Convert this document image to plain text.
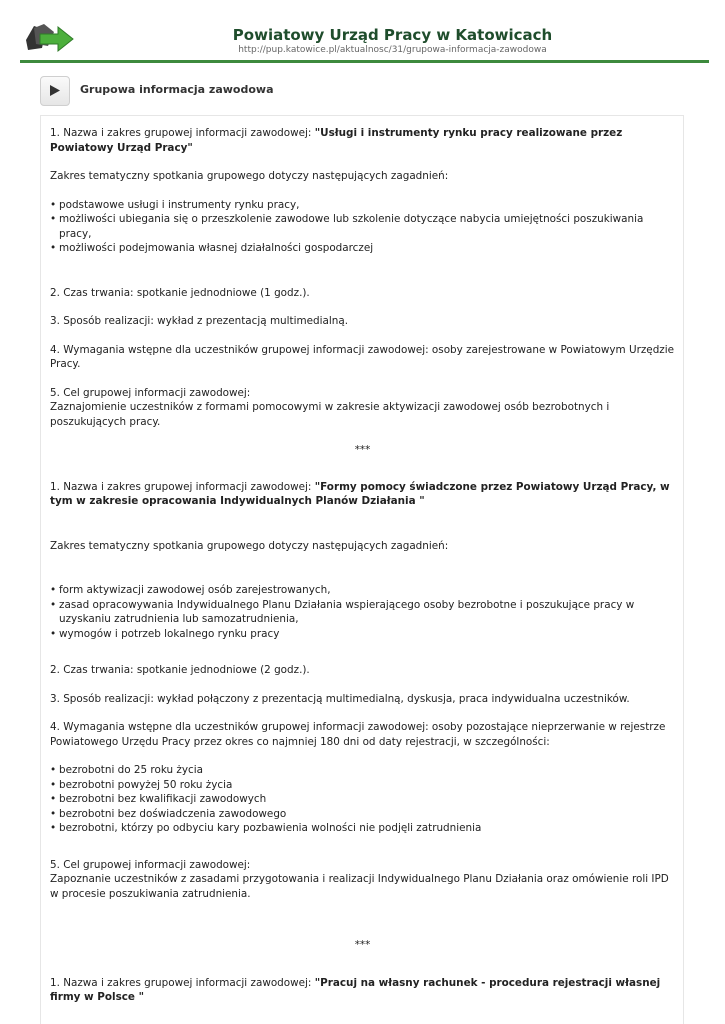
Powiatowy Urząd Pracy w Katowicach
http://pup.katowice.pl/aktualnosc/31/grupowa-informacja-zawodowa
Grupowa informacja zawodowa

1. Nazwa i zakres grupowej informacji zawodowej: "Usługi i instrumenty rynku pracy realizowane przez Powiatowy Urząd Pracy"

Zakres tematyczny spotkania grupowego dotyczy następujących zagadnień:

• podstawowe usługi i instrumenty rynku pracy,
• możliwości ubiegania się o przeszkolenie zawodowe lub szkolenie dotyczące nabycia umiejętności poszukiwania pracy,
• możliwości podejmowania własnej działalności gospodarczej

2. Czas trwania: spotkanie jednodniowe (1 godz.).

3. Sposób realizacji: wykład z prezentacją multimedialną.

4. Wymagania wstępne dla uczestników grupowej informacji zawodowej: osoby zarejestrowane w Powiatowym Urzędzie Pracy.

5. Cel grupowej informacji zawodowej:

Zaznajomienie uczestników z formami pomocowymi w zakresie aktywizacji zawodowej osób bezrobotnych i poszukujących pracy.

***

1. Nazwa i zakres grupowej informacji zawodowej: "Formy pomocy świadczone przez Powiatowy Urząd Pracy, w tym w zakresie opracowania Indywidualnych Planów Działania "

Zakres tematyczny spotkania grupowego dotyczy następujących zagadnień:

• form aktywizacji zawodowej osób zarejestrowanych,
• zasad opracowywania Indywidualnego Planu Działania wspierającego osoby bezrobotne i poszukujące pracy w uzyskaniu zatrudnienia lub samozatrudnienia,
• wymogów i potrzeb lokalnego rynku pracy

2. Czas trwania: spotkanie jednodniowe (2 godz.).

3. Sposób realizacji: wykład połączony z prezentacją multimedialną, dyskusja, praca indywidualna uczestników.

4. Wymagania wstępne dla uczestników grupowej informacji zawodowej: osoby pozostające nieprzerwanie w rejestrze Powiatowego Urzędu Pracy przez okres co najmniej 180 dni od daty rejestracji, w szczególności:

• bezrobotni do 25 roku życia
• bezrobotni powyżej 50 roku życia
• bezrobotni bez kwalifikacji zawodowych
• bezrobotni bez doświadczenia zawodowego
• bezrobotni, którzy po odbyciu kary pozbawienia wolności nie podjęli zatrudnienia

5. Cel grupowej informacji zawodowej:

Zapoznanie uczestników z zasadami przygotowania i realizacji Indywidualnego Planu Działania oraz omówienie roli IPD w procesie poszukiwania zatrudnienia.

***

1. Nazwa i zakres grupowej informacji zawodowej: "Pracuj na własny rachunek - procedura rejestracji własnej firmy w Polsce "
